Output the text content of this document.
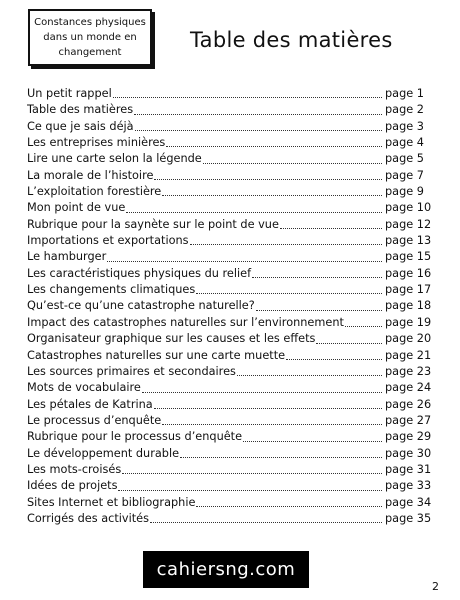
Constances physiques
dans un monde en
changement
Table des matières
Un petit rappel	page 1
Table des matières	page 2
Ce que je sais déjà	page 3
Les entreprises minières	page 4
Lire une carte selon la légende	page 5
La morale de l’histoire	page 7
L’exploitation forestière	page 9
Mon point de vue	page 10
Rubrique pour la saynète sur le point de vue	page 12
Importations et exportations	page 13
Le hamburger	page 15
Les caractéristiques physiques du relief	page 16
Les changements climatiques	page 17
Qu’est-ce qu’une catastrophe naturelle?	page 18
Impact des catastrophes naturelles sur l’environnement	page 19
Organisateur graphique sur les causes et les effets	page 20
Catastrophes naturelles sur une carte muette	page 21
Les sources primaires et secondaires	page 23
Mots de vocabulaire	page 24
Les pétales de Katrina	page 26
Le processus d’enquête	page 27
Rubrique pour le processus d’enquête	page 29
Le développement durable	page 30
Les mots-croisés	page 31
Idées de projets	page 33
Sites Internet et bibliographie	page 34
Corrigés des activités	page 35
cahiersng.com
2
